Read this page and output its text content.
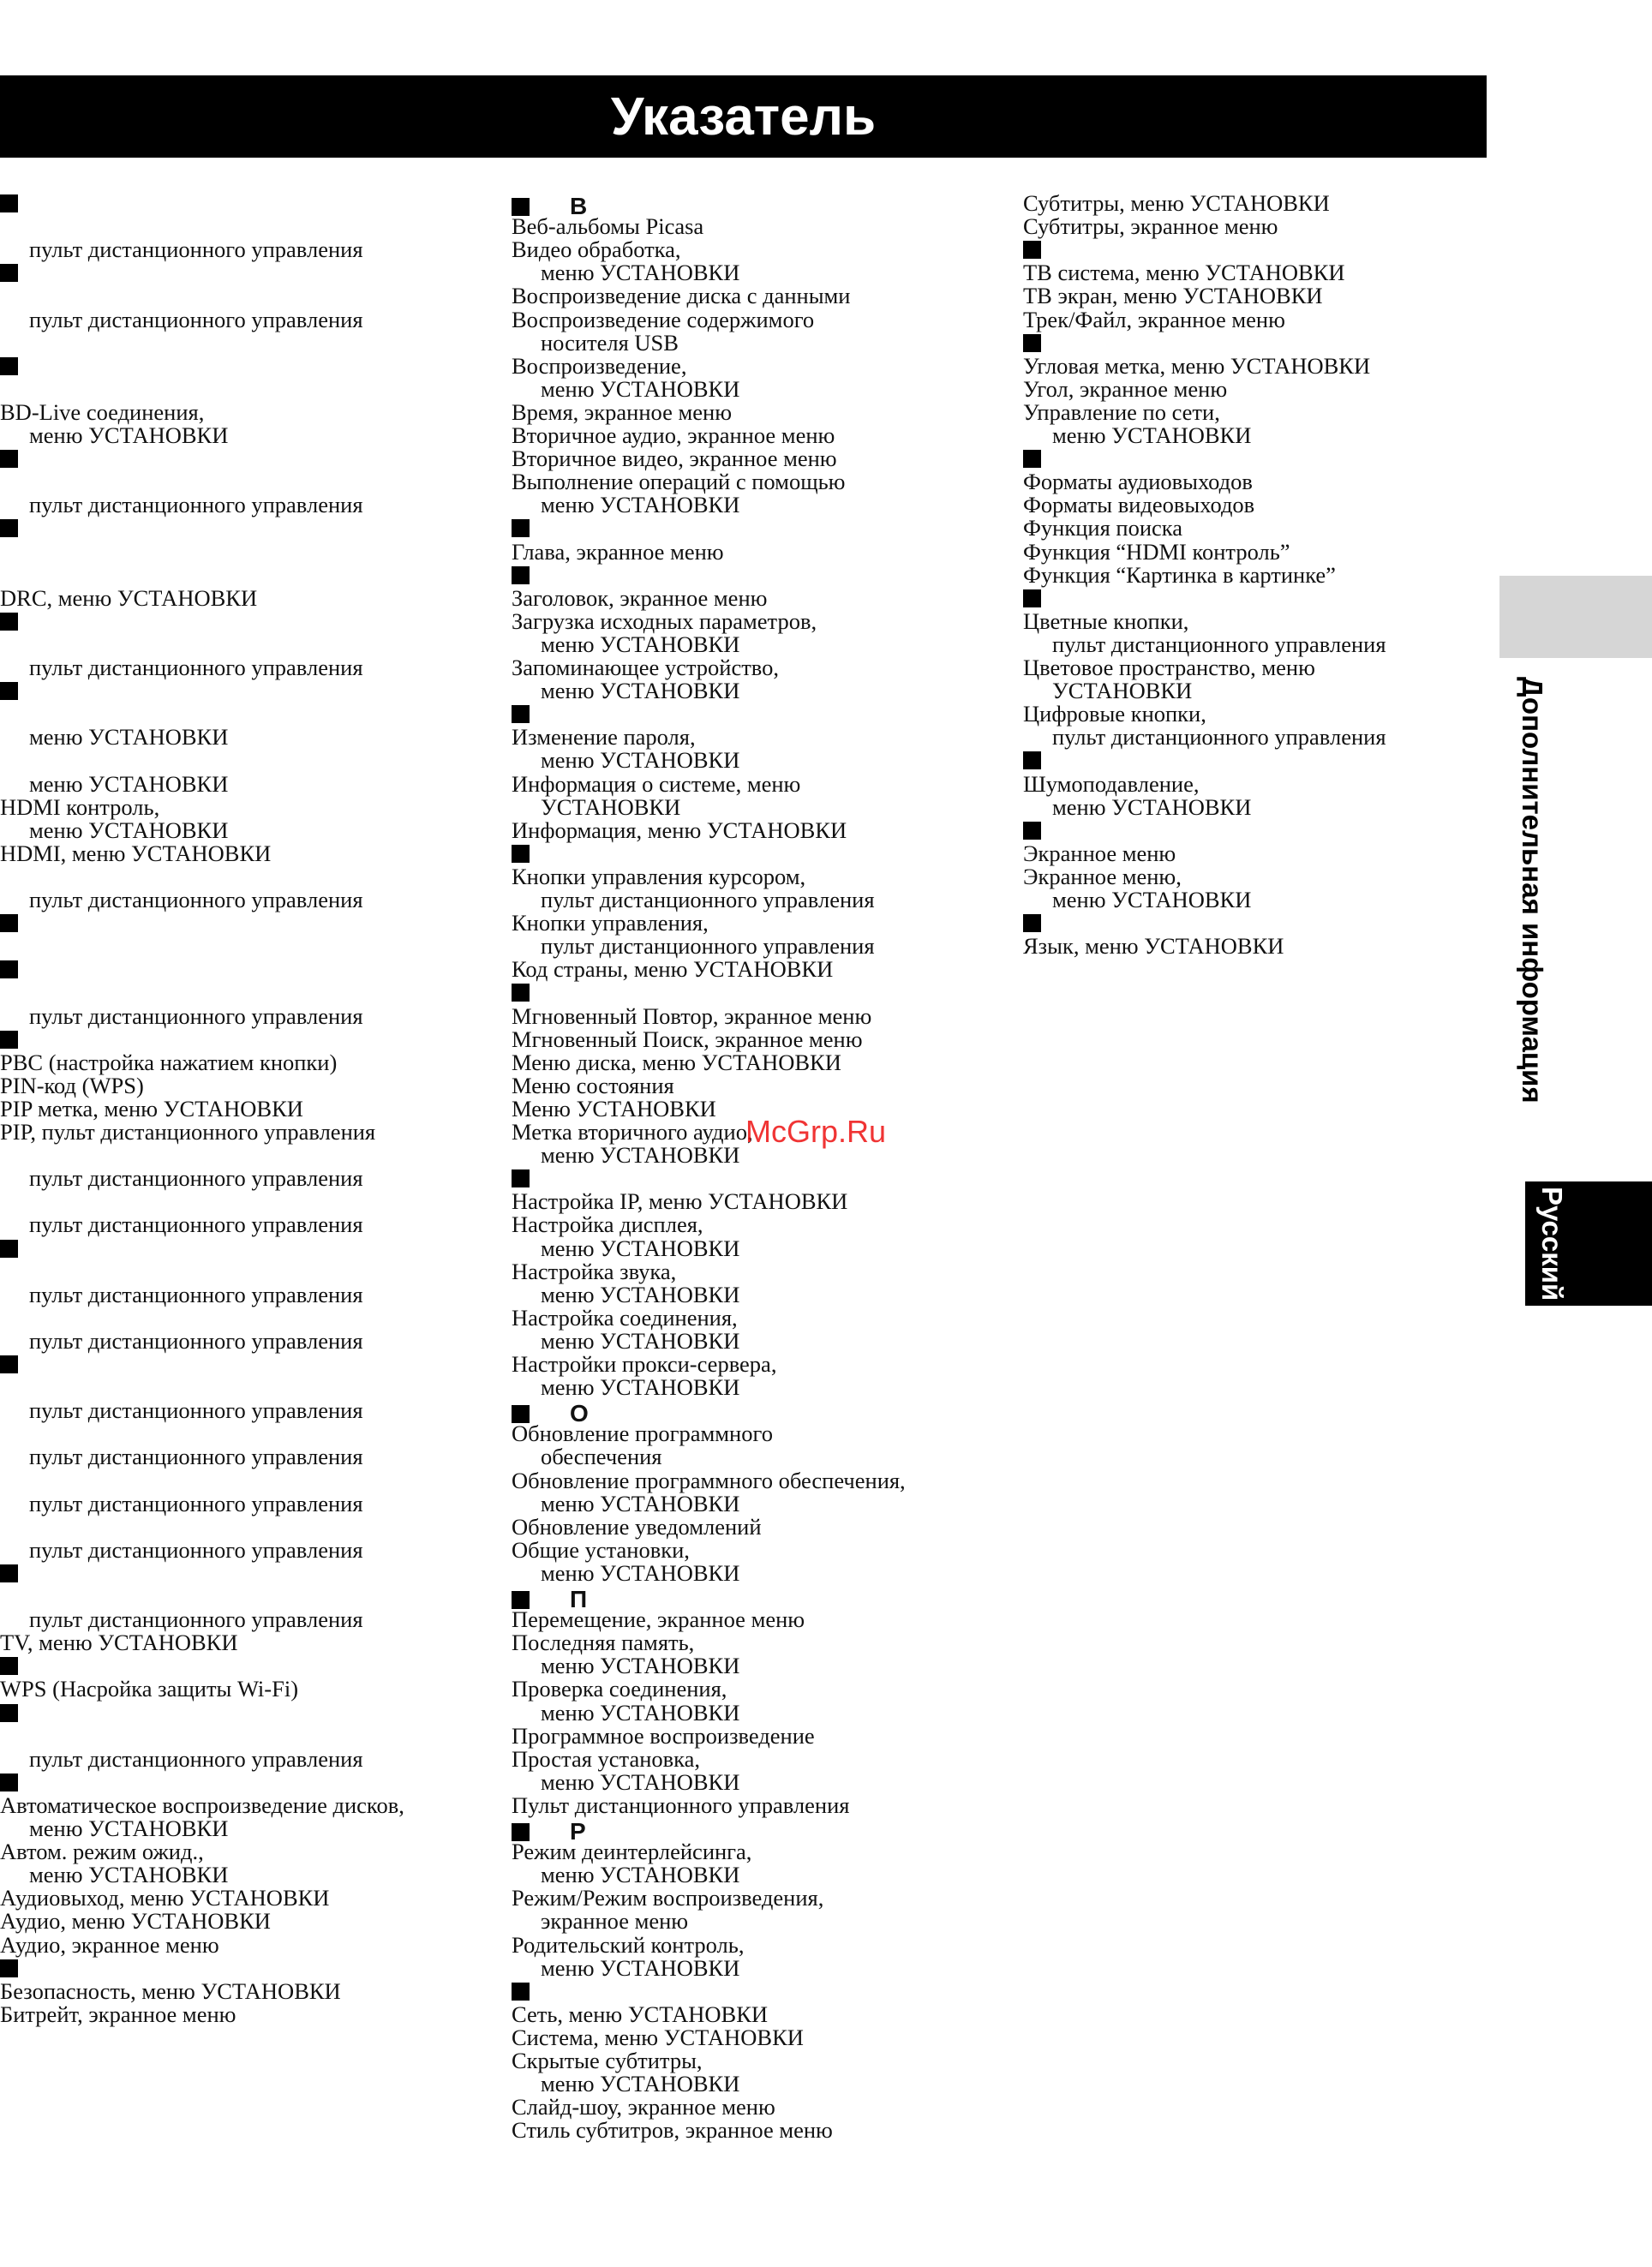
Указатель
пульт дистанционного управления
пульт дистанционного управления
BD-Live соединения,
меню УСТАНОВКИ
пульт дистанционного управления
DRC, меню УСТАНОВКИ
пульт дистанционного управления
меню УСТАНОВКИ
меню УСТАНОВКИ
HDMI контроль,
меню УСТАНОВКИ
HDMI, меню УСТАНОВКИ
пульт дистанционного управления
пульт дистанционного управления
PBC (настройка нажатием кнопки)
PIN-код (WPS)
PIP метка, меню УСТАНОВКИ
PIP, пульт дистанционного управления
пульт дистанционного управления
пульт дистанционного управления
пульт дистанционного управления
пульт дистанционного управления
пульт дистанционного управления
пульт дистанционного управления
пульт дистанционного управления
пульт дистанционного управления
пульт дистанционного управления
TV, меню УСТАНОВКИ
WPS (Насройка защиты Wi-Fi)
пульт дистанционного управления
Автоматическое воспроизведение дисков,
меню УСТАНОВКИ
Автом. режим ожид.,
меню УСТАНОВКИ
Аудиовыход, меню УСТАНОВКИ
Аудио, меню УСТАНОВКИ
Аудио, экранное меню
Безопасность, меню УСТАНОВКИ
Битрейт, экранное меню
В
Веб-альбомы Picasa
Видео обработка,
меню УСТАНОВКИ
Воспроизведение диска с данными
Воспроизведение содержимого
носителя USB
Воспроизведение,
меню УСТАНОВКИ
Время, экранное меню
Вторичное аудио, экранное меню
Вторичное видео, экранное меню
Выполнение операций с помощью
меню УСТАНОВКИ
Глава, экранное меню
Заголовок, экранное меню
Загрузка исходных параметров,
меню УСТАНОВКИ
Запоминающее устройство,
меню УСТАНОВКИ
Изменение пароля,
меню УСТАНОВКИ
Информация о системе, меню
УСТАНОВКИ
Информация, меню УСТАНОВКИ
Кнопки управления курсором,
пульт дистанционного управления
Кнопки управления,
пульт дистанционного управления
Код страны, меню УСТАНОВКИ
Мгновенный Повтор, экранное меню
Мгновенный Поиск, экранное меню
Меню диска, меню УСТАНОВКИ
Меню состояния
Меню УСТАНОВКИ
Метка вторичного аудио,
меню УСТАНОВКИ
Настройка IP, меню УСТАНОВКИ
Настройка дисплея,
меню УСТАНОВКИ
Настройка звука,
меню УСТАНОВКИ
Настройка соединения,
меню УСТАНОВКИ
Настройки прокси-сервера,
меню УСТАНОВКИ
О
Обновление программного
обеспечения
Обновление программного обеспечения,
меню УСТАНОВКИ
Обновление уведомлений
Общие установки,
меню УСТАНОВКИ
П
Перемещение, экранное меню
Последняя память,
меню УСТАНОВКИ
Проверка соединения,
меню УСТАНОВКИ
Программное воспроизведение
Простая установка,
меню УСТАНОВКИ
Пульт дистанционного управления
Р
Режим деинтерлейсинга,
меню УСТАНОВКИ
Режим/Режим воспроизведения,
экранное меню
Родительский контроль,
меню УСТАНОВКИ
Сеть, меню УСТАНОВКИ
Система, меню УСТАНОВКИ
Скрытые субтитры,
меню УСТАНОВКИ
Слайд-шоу, экранное меню
Стиль субтитров, экранное меню
Субтитры, меню УСТАНОВКИ
Субтитры, экранное меню
ТВ система, меню УСТАНОВКИ
ТВ экран, меню УСТАНОВКИ
Трек/Файл, экранное меню
Угловая метка, меню УСТАНОВКИ
Угол, экранное меню
Управление по сети,
меню УСТАНОВКИ
Форматы аудиовыходов
Форматы видеовыходов
Функция поиска
Функция “HDMI контроль”
Функция “Картинка в картинке”
Цветные кнопки,
пульт дистанционного управления
Цветовое пространство, меню
УСТАНОВКИ
Цифровые кнопки,
пульт дистанционного управления
Шумоподавление,
меню УСТАНОВКИ
Экранное меню
Экранное меню,
меню УСТАНОВКИ
Язык, меню УСТАНОВКИ	Дополнительная информация
Русский
McGrp.Ru
